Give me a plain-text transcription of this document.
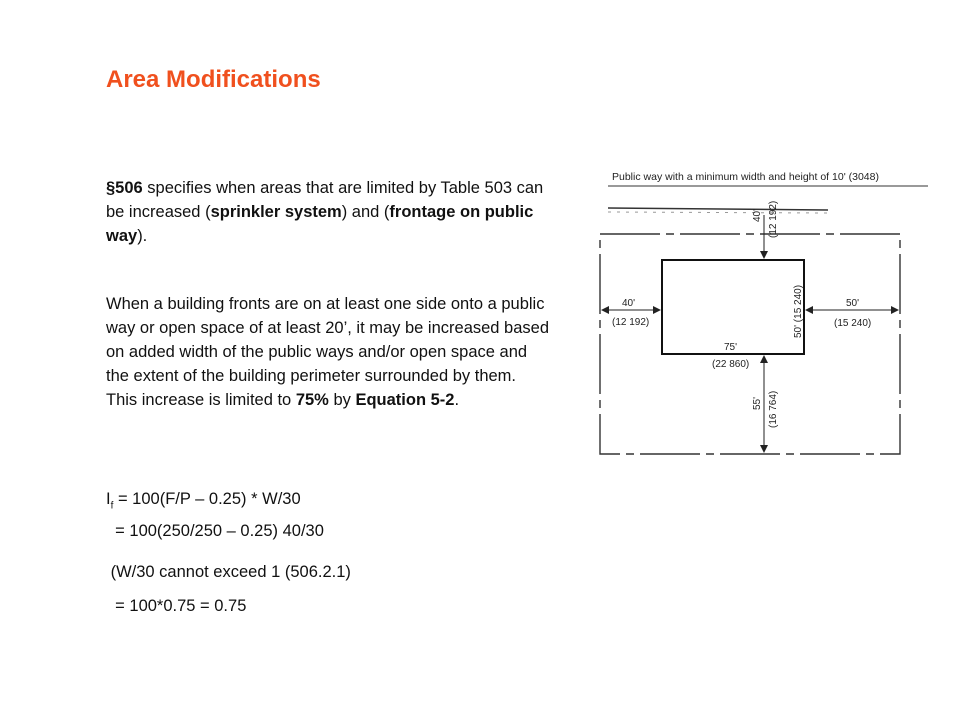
Area Modifications
§506 specifies when areas that are limited by Table 503 can be increased (sprinkler system) and (frontage on public way).
When a building fronts are on at least one side onto a public way or open space of at least 20’, it may be increased based on added width of the public ways and/or open space and the extent of the building perimeter surrounded by them. This increase is limited to 75% by Equation 5-2.
$I_f = 100(F/P - 0.25) * W/30$
= 100(250/250 – 0.25) 40/30
(W/30 cannot exceed 1 (506.2.1)
= 100*0.75 = 0.75
Public way with a minimum width and height of 10' (3048)
40' (12 192)
40'
(12 192)
50'
(15 240)
50' (15 240)
75'
(22 860)
55' (16 764)
